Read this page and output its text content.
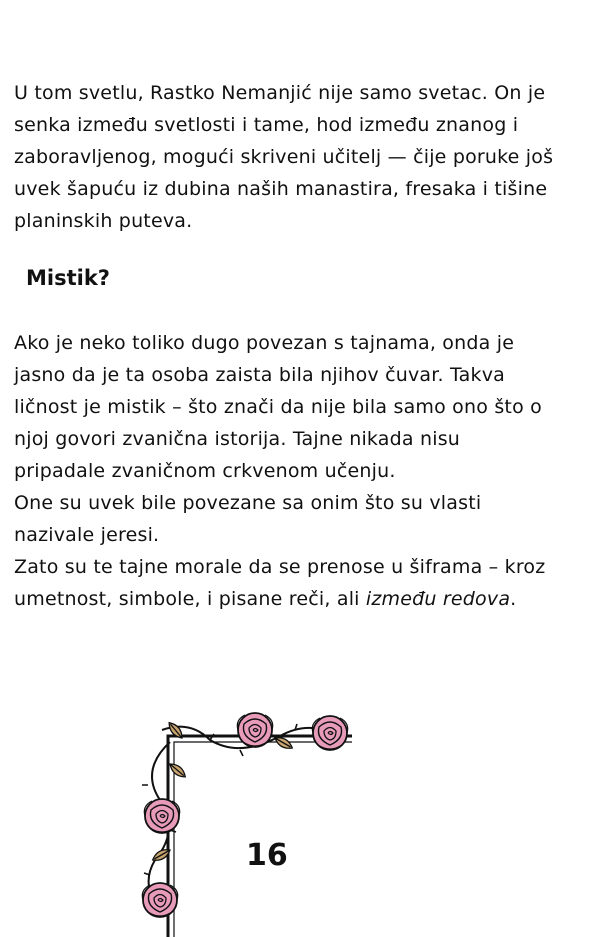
U tom svetlu, Rastko Nemanjić nije samo svetac. On je
senka između svetlosti i tame, hod između znanog i
zaboravljenog, mogući skriveni učitelj — čije poruke još
uvek šapuću iz dubina naših manastira, fresaka i tišine
planinskih puteva.
Mistik?
Ako je neko toliko dugo povezan s tajnama, onda je
jasno da je ta osoba zaista bila njihov čuvar. Takva
ličnost je mistik – što znači da nije bila samo ono što o
njoj govori zvanična istorija. Tajne nikada nisu
pripadale zvaničnom crkvenom učenju.
One su uvek bile povezane sa onim što su vlasti
nazivale jeresi.
Zato su te tajne morale da se prenose u šiframa – kroz
umetnost, simbole, i pisane reči, ali između redova.
16
